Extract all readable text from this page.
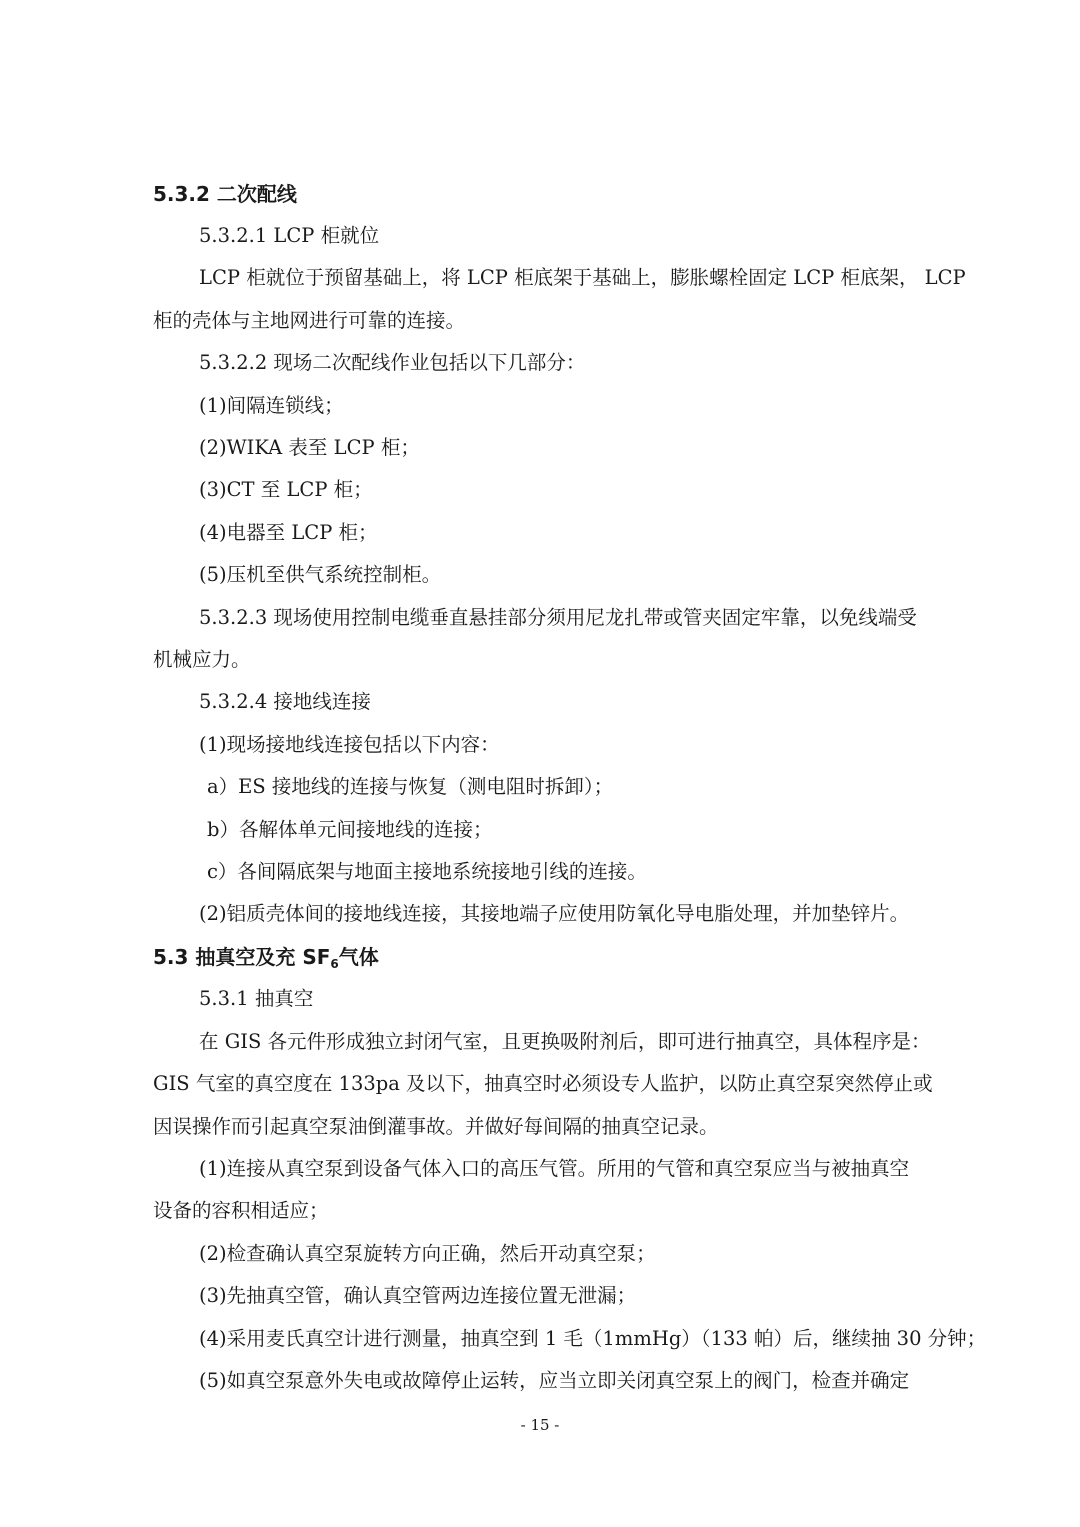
5.3.2 二次配线
5.3.2.1 LCP 柜就位
LCP 柜就位于预留基础上，将 LCP 柜底架于基础上，膨胀螺栓固定 LCP 柜底架， LCP
柜的壳体与主地网进行可靠的连接。
5.3.2.2 现场二次配线作业包括以下几部分：
(1)间隔连锁线；
(2)WIKA 表至 LCP 柜；
(3)CT 至 LCP 柜；
(4)电器至 LCP 柜；
(5)压机至供气系统控制柜。
5.3.2.3 现场使用控制电缆垂直悬挂部分须用尼龙扎带或管夹固定牢靠，以免线端受
机械应力。
5.3.2.4 接地线连接
(1)现场接地线连接包括以下内容：
a）ES 接地线的连接与恢复（测电阻时拆卸）；
b）各解体单元间接地线的连接；
c）各间隔底架与地面主接地系统接地引线的连接。
(2)铝质壳体间的接地线连接，其接地端子应使用防氧化导电脂处理，并加垫锌片。
5.3 抽真空及充 $SF_6$气体
5.3.1 抽真空
在 GIS 各元件形成独立封闭气室，且更换吸附剂后，即可进行抽真空，具体程序是：
GIS 气室的真空度在 133pa 及以下，抽真空时必须设专人监护，以防止真空泵突然停止或
因误操作而引起真空泵油倒灌事故。并做好每间隔的抽真空记录。
(1)连接从真空泵到设备气体入口的高压气管。所用的气管和真空泵应当与被抽真空
设备的容积相适应；
(2)检查确认真空泵旋转方向正确，然后开动真空泵；
(3)先抽真空管，确认真空管两边连接位置无泄漏；
(4)采用麦氏真空计进行测量，抽真空到 1 毛（1mmHg）（133 帕）后，继续抽 30 分钟；
(5)如真空泵意外失电或故障停止运转，应当立即关闭真空泵上的阀门，检查并确定
- 15 -
